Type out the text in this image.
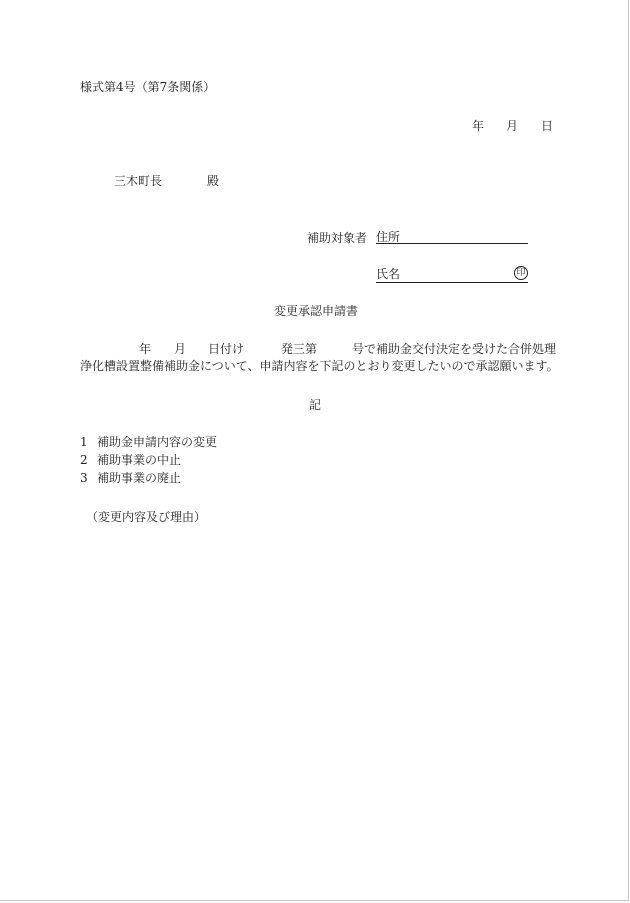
様式第4号（第7条関係）
年 月 日
三木町長	殿
補助対象者 住所
氏名	印
変更承認申請書
年 月 日付け	発三第	号で補助金交付決定を受けた合併処理
浄化槽設置整備補助金について、申請内容を下記のとおり変更したいので承認願います。
記
1 補助金申請内容の変更
2 補助事業の中止
3 補助事業の廃止
（変更内容及び理由）
